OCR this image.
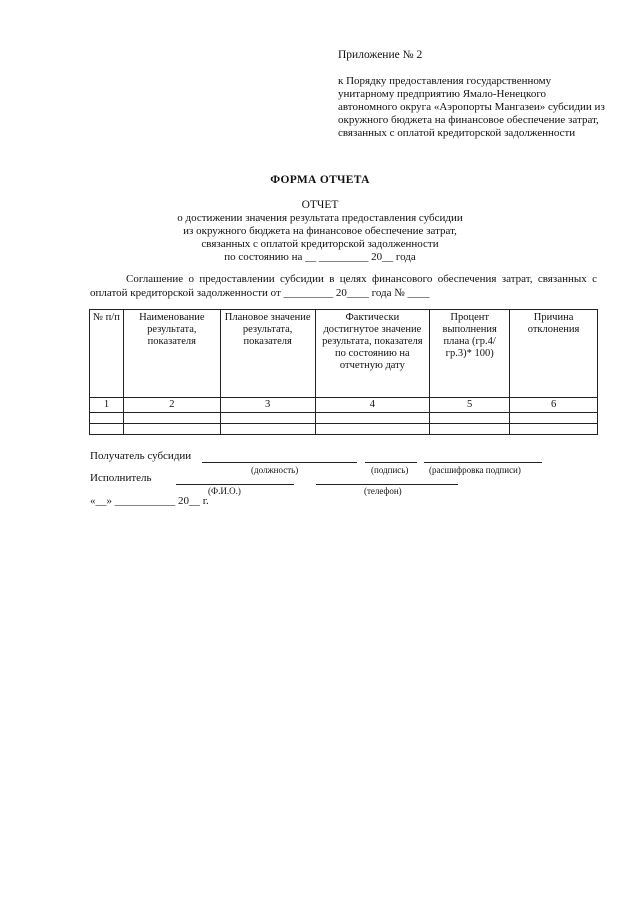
Приложение № 2
к Порядку предоставления государственному унитарному предприятию Ямало-Ненецкого автономного округа «Аэропорты Мангазеи» субсидии из окружного бюджета на финансовое обеспечение затрат, связанных с оплатой кредиторской задолженности
ФОРМА ОТЧЕТА
ОТЧЕТ
о достижении значения результата предоставления субсидии
из окружного бюджета на финансовое обеспечение затрат,
связанных с оплатой кредиторской задолженности
по состоянию на __ _________ 20__ года
Соглашение о предоставлении субсидии в целях финансового обеспечения затрат, связанных с оплатой кредиторской задолженности от _________ 20____ года № ____
№ п/п	Наименование результата, показателя	Плановое значение результата, показателя	Фактически достигнутое значение результата, показателя по состоянию на отчетную дату	Процент выполнения плана (гр.4/гр.3)* 100)	Причина отклонения
1	2	3	4	5	6

Получатель субсидии
(должность)	(подпись) (расшифровка подписи)
Исполнитель
(Ф.И.О.)	(телефон)
«__» ___________ 20__ г.
